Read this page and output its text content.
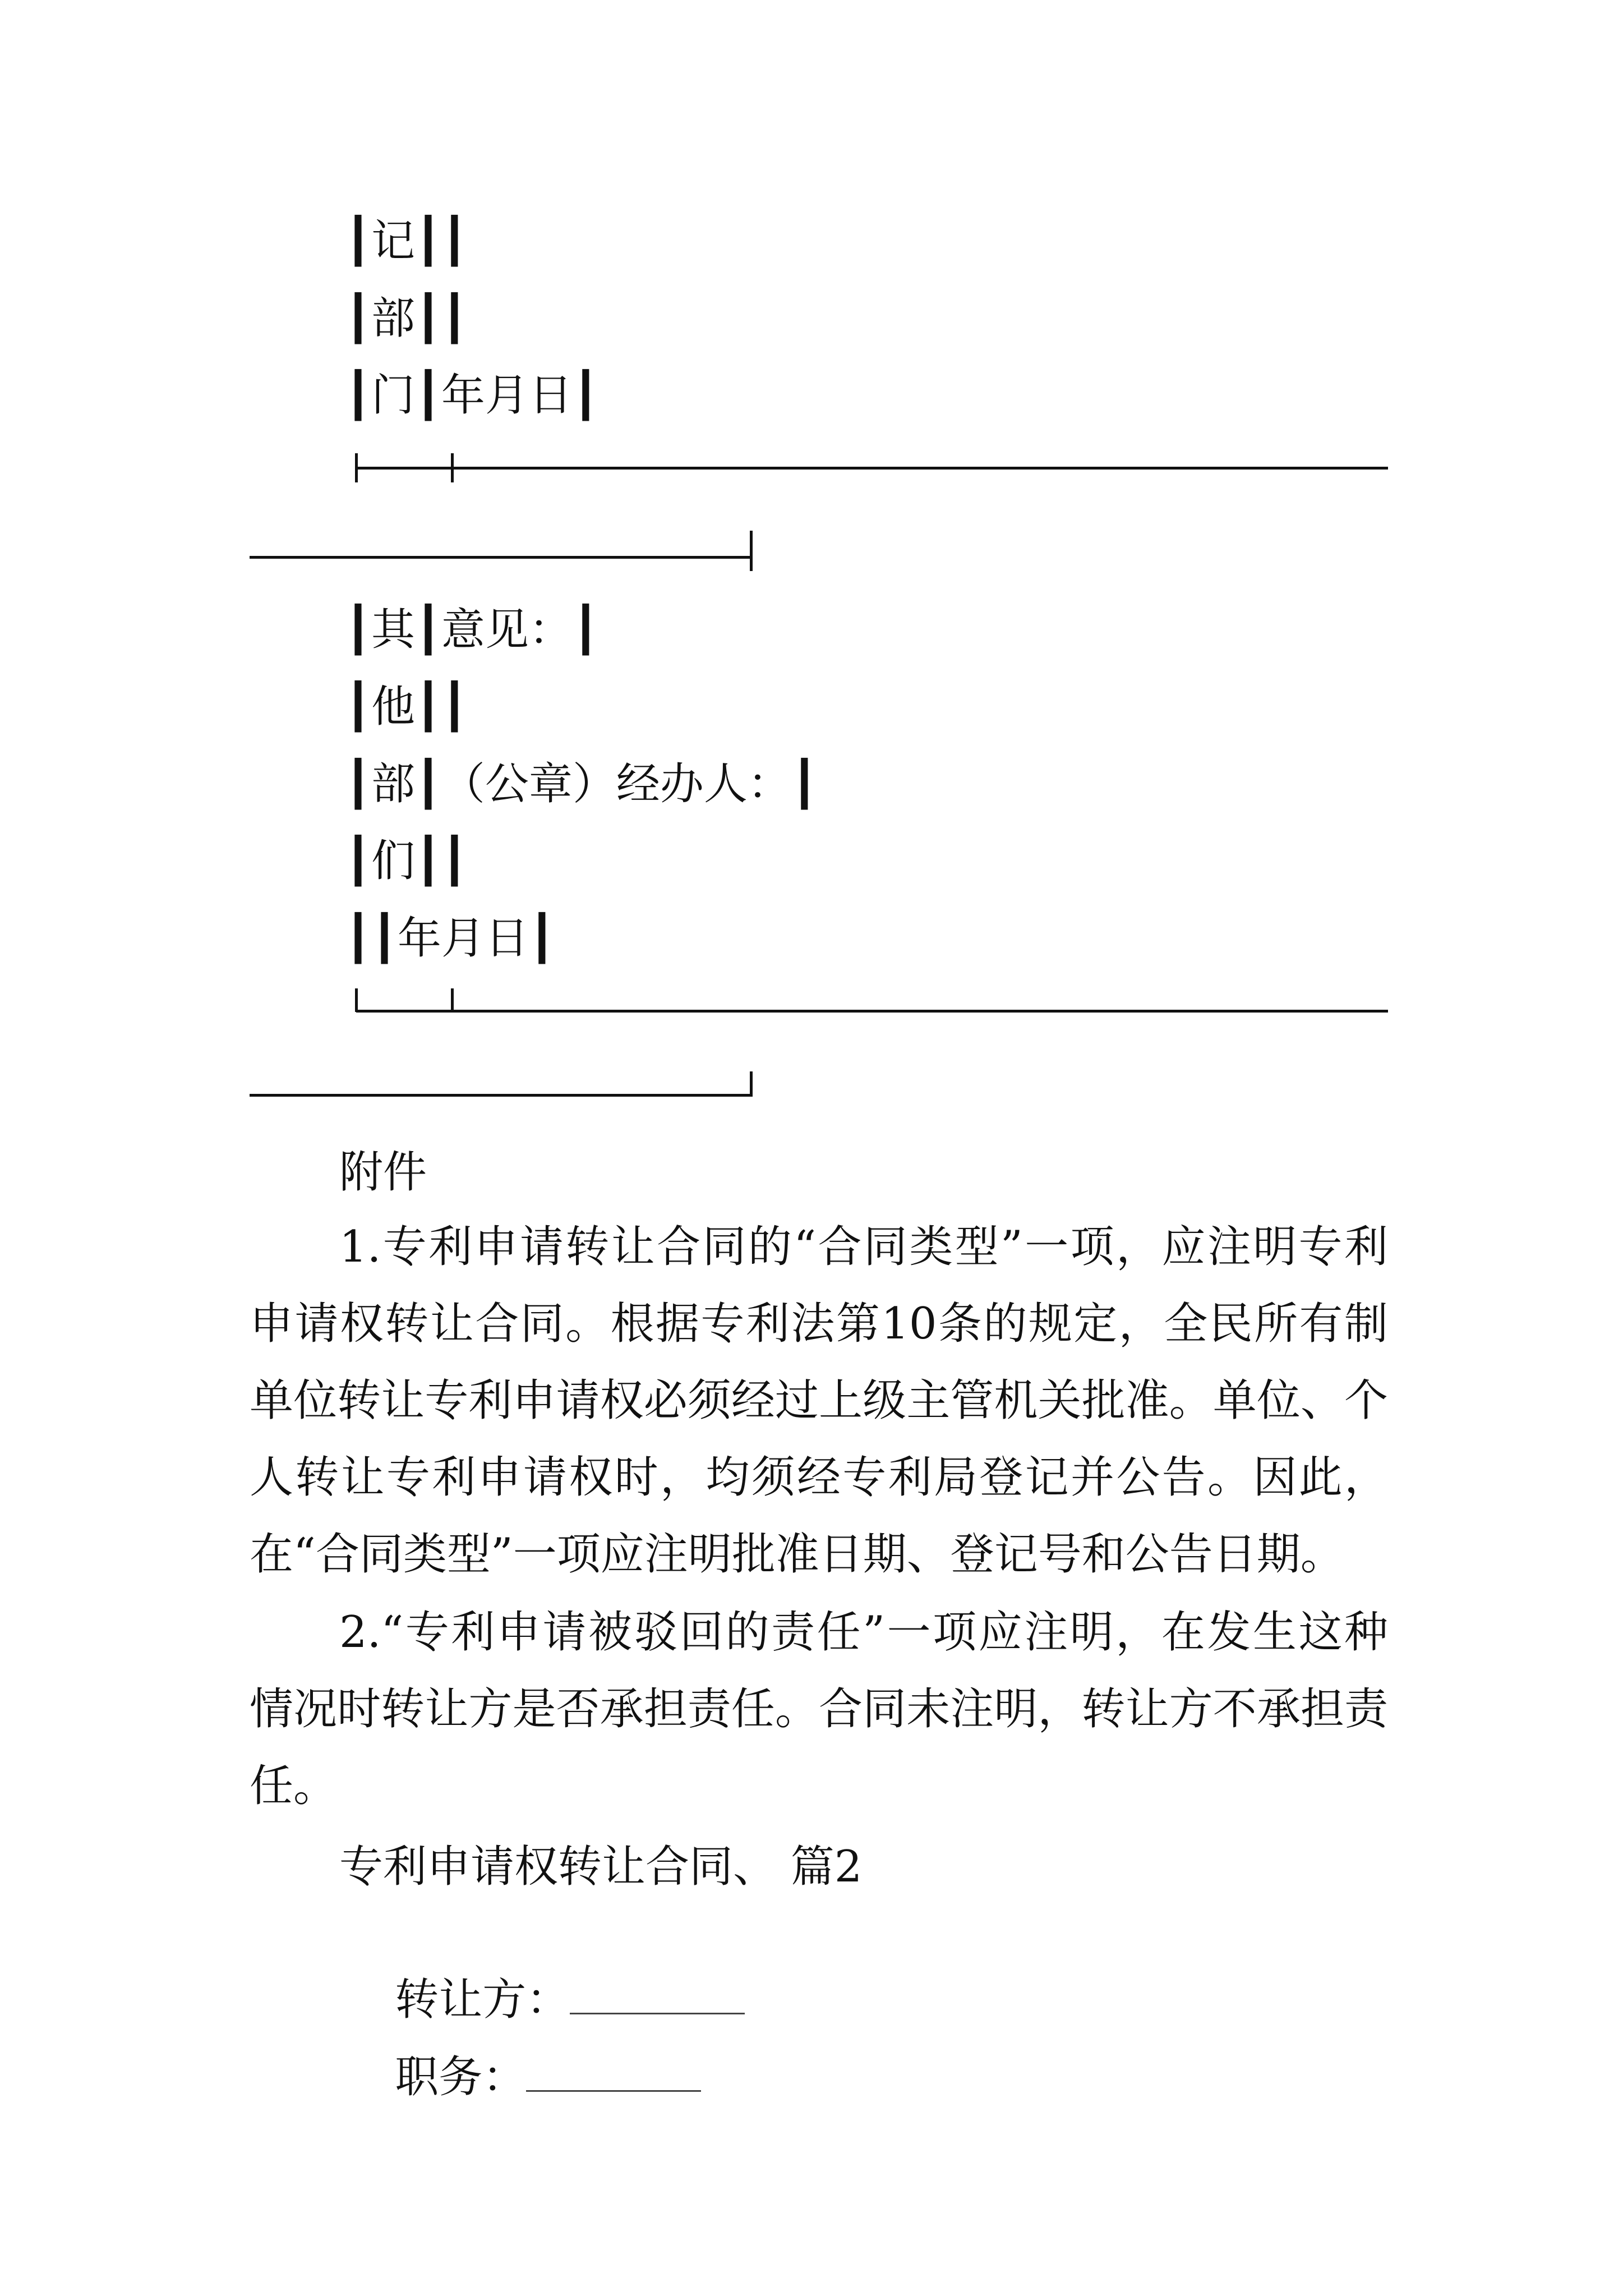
┃记┃┃
┃部┃┃
┃门┃年月日┃
┃其┃意见：┃
┃他┃┃
┃部┃（公章）经办人：┃
┃们┃┃
┃┃年月日┃
附件

1.专利申请转让合同的“合同类型”一项，应注明专利申请权转让合同。根据专利法第10条的规定，全民所有制单位转让专利申请权必须经过上级主管机关批准。单位、个人转让专利申请权时，均须经专利局登记并公告。因此，在“合同类型”一项应注明批准日期、登记号和公告日期。

2.“专利申请被驳回的责任”一项应注明，在发生这种情况时转让方是否承担责任。合同未注明，转让方不承担责任。

专利申请权转让合同、 篇2

转让方：

职务：
